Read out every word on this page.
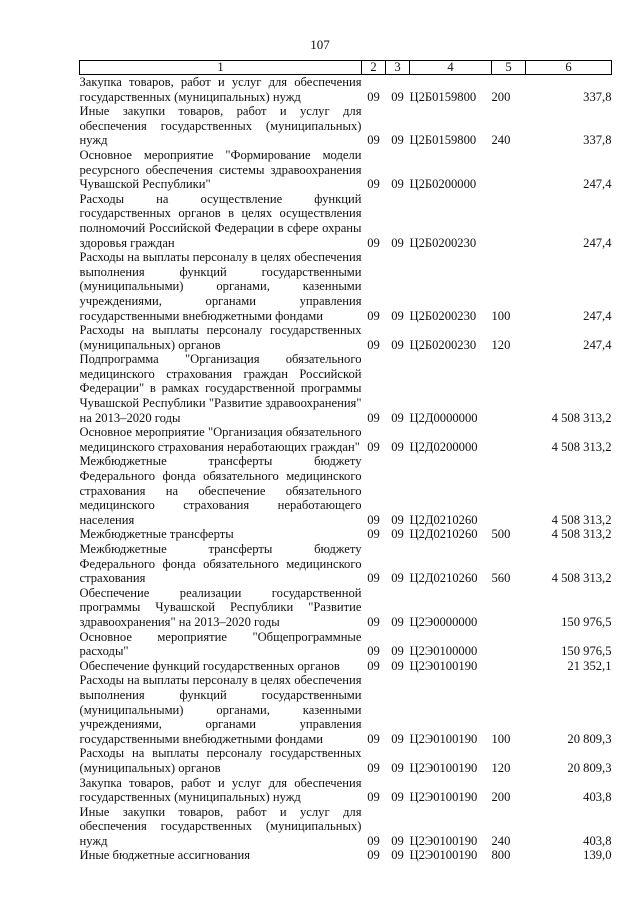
107
1	2	3	4	5	6
Закупка товаров, работ и услуг для обеспечения государственных (муниципальных) нужд	09	09	Ц2Б0159800	200	337,8
Иные закупки товаров, работ и услуг для обеспечения государственных (муниципальных) нужд	09	09	Ц2Б0159800	240	337,8
Основное мероприятие "Формирование модели ресурсного обеспечения системы здравоохранения Чувашской Республики"	09	09	Ц2Б0200000		247,4
Расходы на осуществление функций государственных органов в целях осуществления полномочий Российской Федерации в сфере охраны здоровья граждан	09	09	Ц2Б0200230		247,4
Расходы на выплаты персоналу в целях обеспечения выполнения функций государственными (муниципальными) органами, казенными учреждениями, органами управления государственными внебюджетными фондами	09	09	Ц2Б0200230	100	247,4
Расходы на выплаты персоналу государственных (муниципальных) органов	09	09	Ц2Б0200230	120	247,4
Подпрограмма "Организация обязательного медицинского страхования граждан Российской Федерации" в рамках государственной программы Чувашской Республики "Развитие здравоохранения" на 2013–2020 годы	09	09	Ц2Д0000000		4 508 313,2
Основное мероприятие "Организация обязательного медицинского страхования неработающих граждан"	09	09	Ц2Д0200000		4 508 313,2
Межбюджетные трансферты бюджету Федерального фонда обязательного медицинского страхования на обеспечение обязательного медицинского страхования неработающего населения	09	09	Ц2Д0210260		4 508 313,2
Межбюджетные трансферты	09	09	Ц2Д0210260	500	4 508 313,2
Межбюджетные трансферты бюджету Федерального фонда обязательного медицинского страхования	09	09	Ц2Д0210260	560	4 508 313,2
Обеспечение реализации государственной программы Чувашской Республики "Развитие здравоохранения" на 2013–2020 годы	09	09	Ц2Э0000000		150 976,5
Основное мероприятие "Общепрограммные расходы"	09	09	Ц2Э0100000		150 976,5
Обеспечение функций государственных органов	09	09	Ц2Э0100190		21 352,1
Расходы на выплаты персоналу в целях обеспечения выполнения функций государственными (муниципальными) органами, казенными учреждениями, органами управления государственными внебюджетными фондами	09	09	Ц2Э0100190	100	20 809,3
Расходы на выплаты персоналу государственных (муниципальных) органов	09	09	Ц2Э0100190	120	20 809,3
Закупка товаров, работ и услуг для обеспечения государственных (муниципальных) нужд	09	09	Ц2Э0100190	200	403,8
Иные закупки товаров, работ и услуг для обеспечения государственных (муниципальных) нужд	09	09	Ц2Э0100190	240	403,8
Иные бюджетные ассигнования	09	09	Ц2Э0100190	800	139,0
